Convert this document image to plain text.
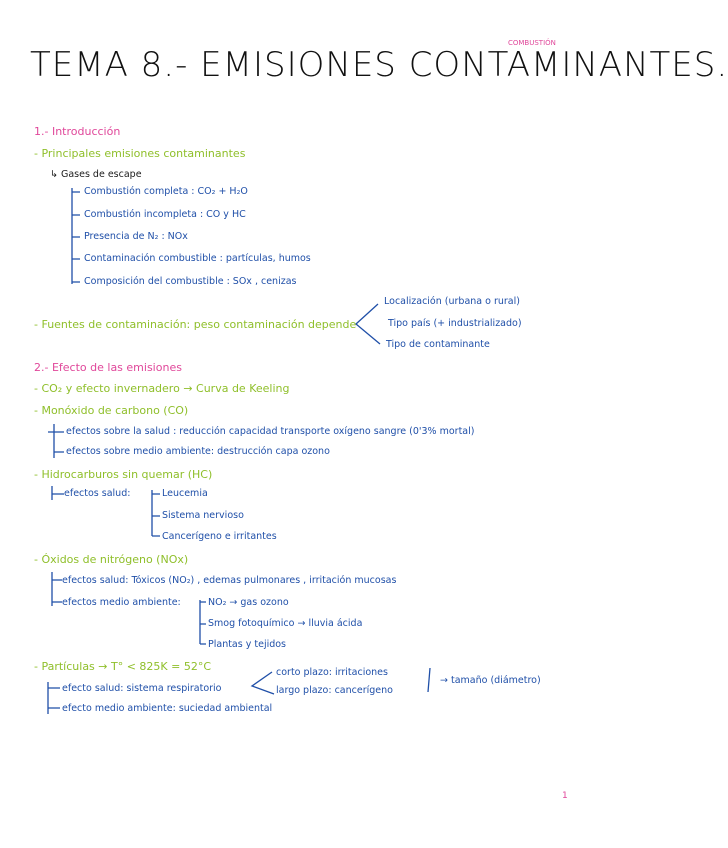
COMBUSTIÓN
TEMA 8.- EMISIONES CONTAMINANTES.
1.- Introducción
- Principales emisiones contaminantes
↳ Gases de escape
Combustión completa : CO₂ + H₂O
Combustión incompleta : CO y HC
Presencia de N₂ : NOx
Contaminación combustible : partículas, humos
Composición del combustible : SOx , cenizas
- Fuentes de contaminación: peso contaminación depende
Localización (urbana o rural)
Tipo país (+ industrializado)
Tipo de contaminante
2.- Efecto de las emisiones
- CO₂ y efecto invernadero → Curva de Keeling
- Monóxido de carbono (CO)
efectos sobre la salud : reducción capacidad transporte oxígeno sangre (0'3% mortal)
efectos sobre medio ambiente: destrucción capa ozono
- Hidrocarburos sin quemar (HC)
efectos salud:	Leucemia
Sistema nervioso
Cancerígeno e irritantes
- Óxidos de nitrógeno (NOx)
efectos salud: Tóxicos (NO₂) , edemas pulmonares , irritación mucosas
efectos medio ambiente:	NO₂ → gas ozono
Smog fotoquímico → lluvia ácida
Plantas y tejidos
- Partículas → T° < 825K = 52°C
efecto salud: sistema respiratorio
corto plazo: irritaciones
largo plazo: cancerígeno
→ tamaño (diámetro)
efecto medio ambiente: suciedad ambiental
1
